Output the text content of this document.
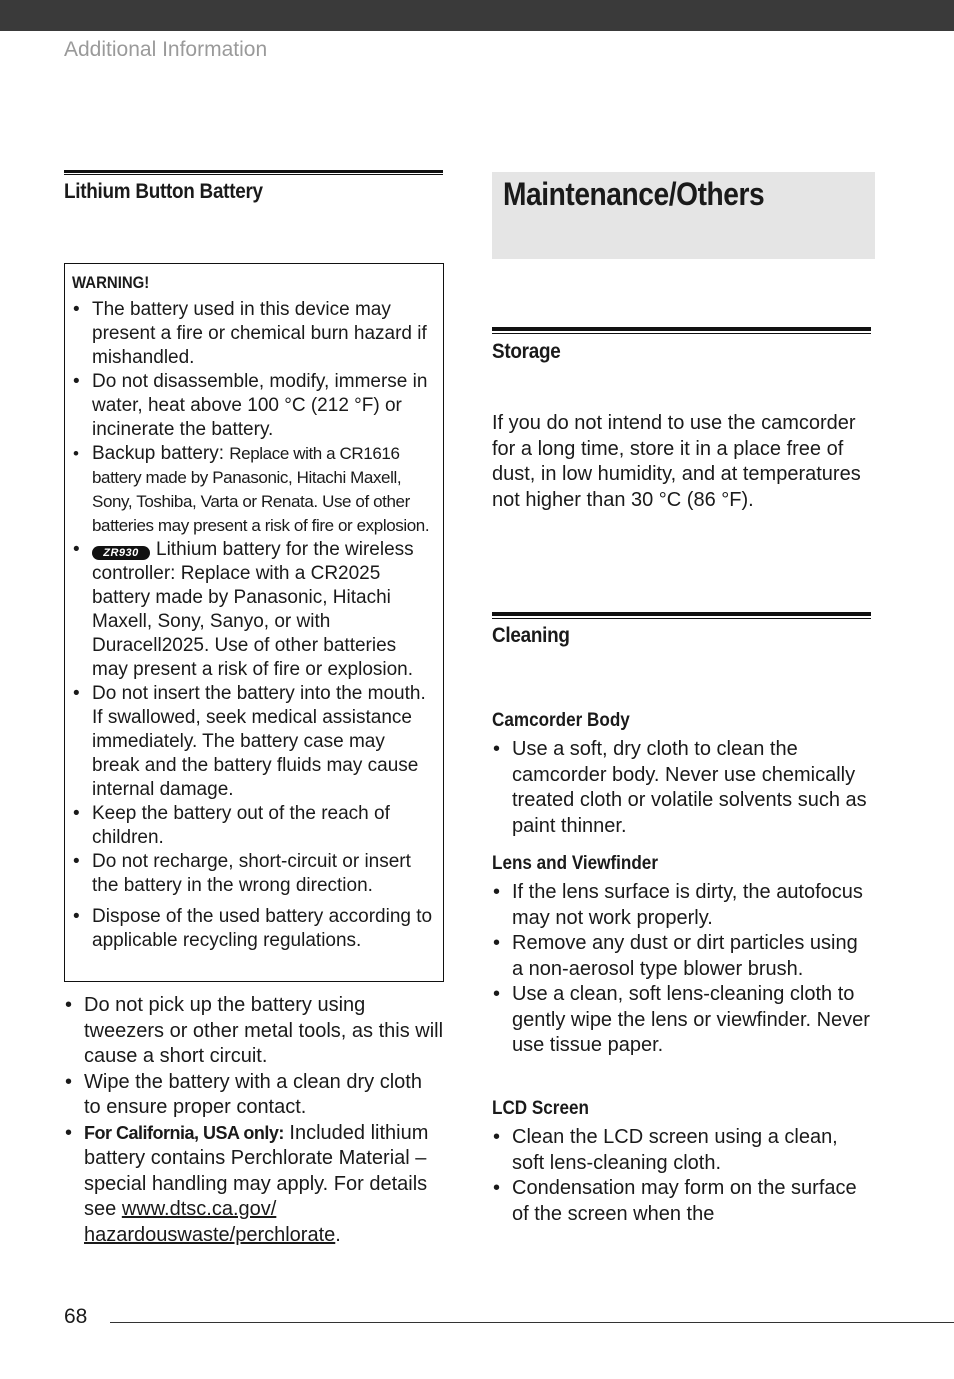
Additional Information
Lithium Button Battery
WARNING!
• The battery used in this device may present a fire or chemical burn hazard if mishandled.
• Do not disassemble, modify, immerse in water, heat above 100 °C (212 °F) or incinerate the battery.
• Backup battery: Replace with a CR1616 battery made by Panasonic, Hitachi Maxell, Sony, Toshiba, Varta or Renata. Use of other batteries may present a risk of fire or explosion.
• ZR930 Lithium battery for the wireless controller: Replace with a CR2025 battery made by Panasonic, Hitachi Maxell, Sony, Sanyo, or with Duracell2025. Use of other batteries may present a risk of fire or explosion.
• Do not insert the battery into the mouth. If swallowed, seek medical assistance immediately. The battery case may break and the battery fluids may cause internal damage.
• Keep the battery out of the reach of children.
• Do not recharge, short-circuit or insert the battery in the wrong direction.
• Dispose of the used battery according to applicable recycling regulations.
• Do not pick up the battery using tweezers or other metal tools, as this will cause a short circuit.
• Wipe the battery with a clean dry cloth to ensure proper contact.
• For California, USA only: Included lithium battery contains Perchlorate Material – special handling may apply. For details see www.dtsc.ca.gov/
hazardouswaste/perchlorate.
Maintenance/Others
Storage
If you do not intend to use the camcorder for a long time, store it in a place free of dust, in low humidity, and at temperatures not higher than 30 °C (86 °F).
Cleaning
Camcorder Body
• Use a soft, dry cloth to clean the camcorder body. Never use chemically treated cloth or volatile solvents such as paint thinner.
Lens and Viewfinder
• If the lens surface is dirty, the autofocus may not work properly.
• Remove any dust or dirt particles using a non-aerosol type blower brush.
• Use a clean, soft lens-cleaning cloth to gently wipe the lens or viewfinder. Never use tissue paper.
LCD Screen
• Clean the LCD screen using a clean, soft lens-cleaning cloth.
• Condensation may form on the surface of the screen when the
68
